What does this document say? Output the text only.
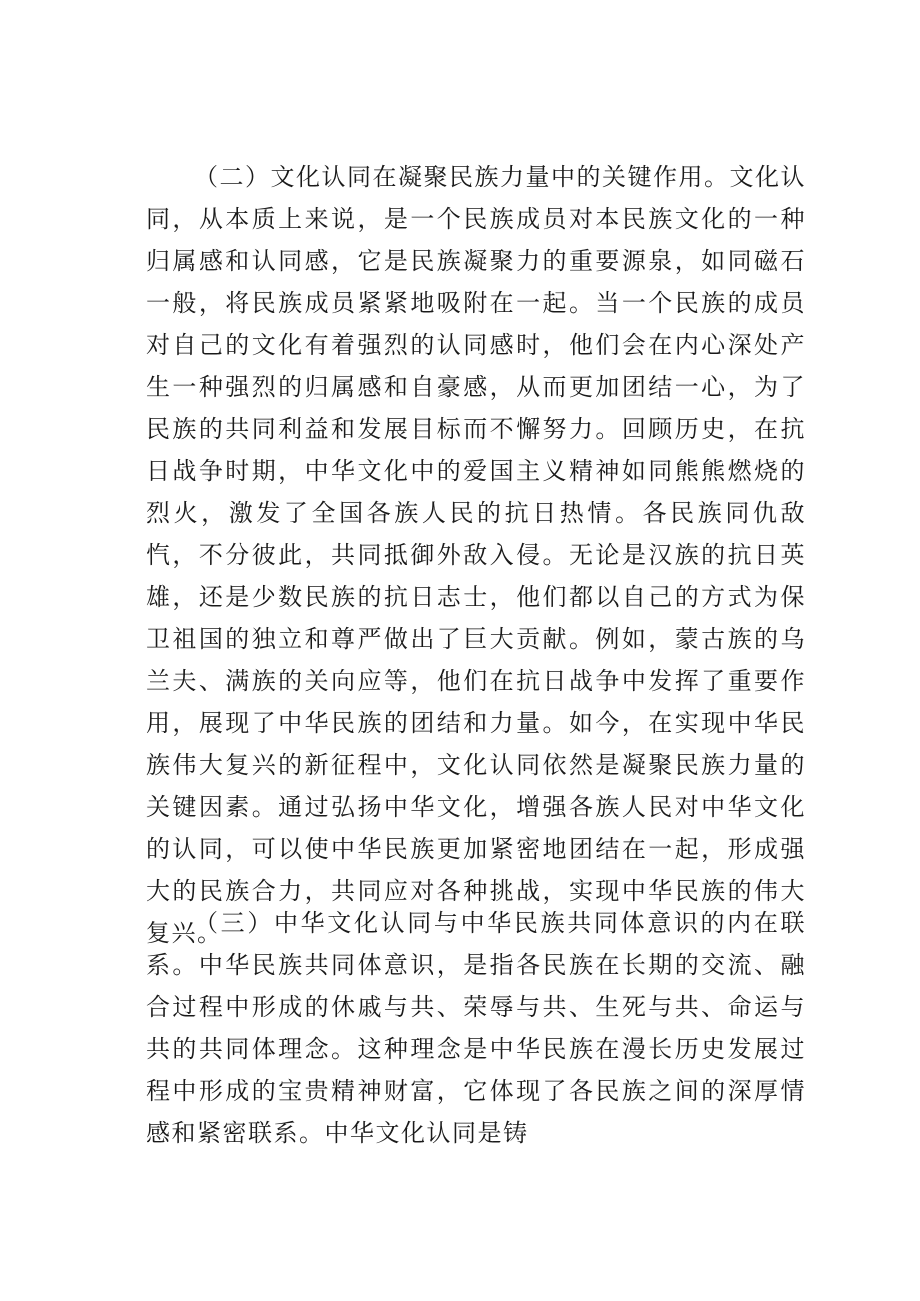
（二）文化认同在凝聚民族力量中的关键作用。文化认同，从本质上来说，是一个民族成员对本民族文化的一种归属感和认同感，它是民族凝聚力的重要源泉，如同磁石一般，将民族成员紧紧地吸附在一起。当一个民族的成员对自己的文化有着强烈的认同感时，他们会在内心深处产生一种强烈的归属感和自豪感，从而更加团结一心，为了民族的共同利益和发展目标而不懈努力。回顾历史，在抗日战争时期，中华文化中的爱国主义精神如同熊熊燃烧的烈火，激发了全国各族人民的抗日热情。各民族同仇敌忾，不分彼此，共同抵御外敌入侵。无论是汉族的抗日英雄，还是少数民族的抗日志士，他们都以自己的方式为保卫祖国的独立和尊严做出了巨大贡献。例如，蒙古族的乌兰夫、满族的关向应等，他们在抗日战争中发挥了重要作用，展现了中华民族的团结和力量。如今，在实现中华民族伟大复兴的新征程中，文化认同依然是凝聚民族力量的关键因素。通过弘扬中华文化，增强各族人民对中华文化的认同，可以使中华民族更加紧密地团结在一起，形成强大的民族合力，共同应对各种挑战，实现中华民族的伟大复兴。

（三）中华文化认同与中华民族共同体意识的内在联系。中华民族共同体意识，是指各民族在长期的交流、融合过程中形成的休戚与共、荣辱与共、生死与共、命运与共的共同体理念。这种理念是中华民族在漫长历史发展过程中形成的宝贵精神财富，它体现了各民族之间的深厚情感和紧密联系。中华文化认同是铸
